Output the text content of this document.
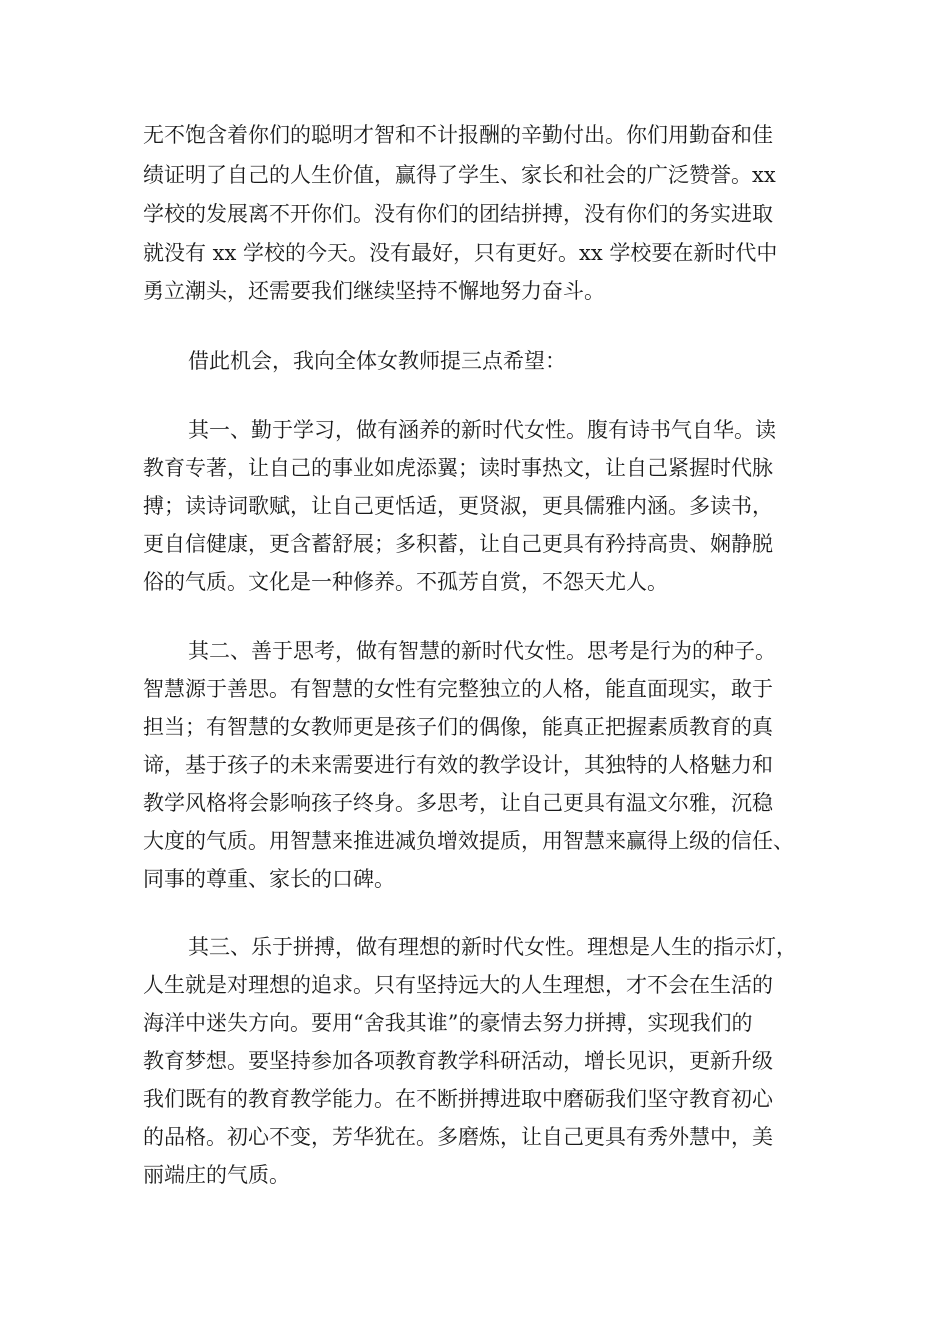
无不饱含着你们的聪明才智和不计报酬的辛勤付出。你们用勤奋和佳
绩证明了自己的人生价值，赢得了学生、家长和社会的广泛赞誉。xx
学校的发展离不开你们。没有你们的团结拼搏，没有你们的务实进取
就没有 xx 学校的今天。没有最好，只有更好。xx 学校要在新时代中
勇立潮头，还需要我们继续坚持不懈地努力奋斗。
借此机会，我向全体女教师提三点希望：
其一、勤于学习，做有涵养的新时代女性。腹有诗书气自华。读
教育专著，让自己的事业如虎添翼；读时事热文，让自己紧握时代脉
搏；读诗词歌赋，让自己更恬适，更贤淑，更具儒雅内涵。多读书，
更自信健康，更含蓄舒展；多积蓄，让自己更具有矜持高贵、娴静脱
俗的气质。文化是一种修养。不孤芳自赏，不怨天尤人。
其二、善于思考，做有智慧的新时代女性。思考是行为的种子。
智慧源于善思。有智慧的女性有完整独立的人格，能直面现实，敢于
担当；有智慧的女教师更是孩子们的偶像，能真正把握素质教育的真
谛，基于孩子的未来需要进行有效的教学设计，其独特的人格魅力和
教学风格将会影响孩子终身。多思考，让自己更具有温文尔雅，沉稳
大度的气质。用智慧来推进减负增效提质，用智慧来赢得上级的信任、
同事的尊重、家长的口碑。
其三、乐于拼搏，做有理想的新时代女性。理想是人生的指示灯，
人生就是对理想的追求。只有坚持远大的人生理想，才不会在生活的
海洋中迷失方向。要用“舍我其谁”的豪情去努力拼搏，实现我们的
教育梦想。要坚持参加各项教育教学科研活动，增长见识，更新升级
我们既有的教育教学能力。在不断拼搏进取中磨砺我们坚守教育初心
的品格。初心不变，芳华犹在。多磨炼，让自己更具有秀外慧中，美
丽端庄的气质。
